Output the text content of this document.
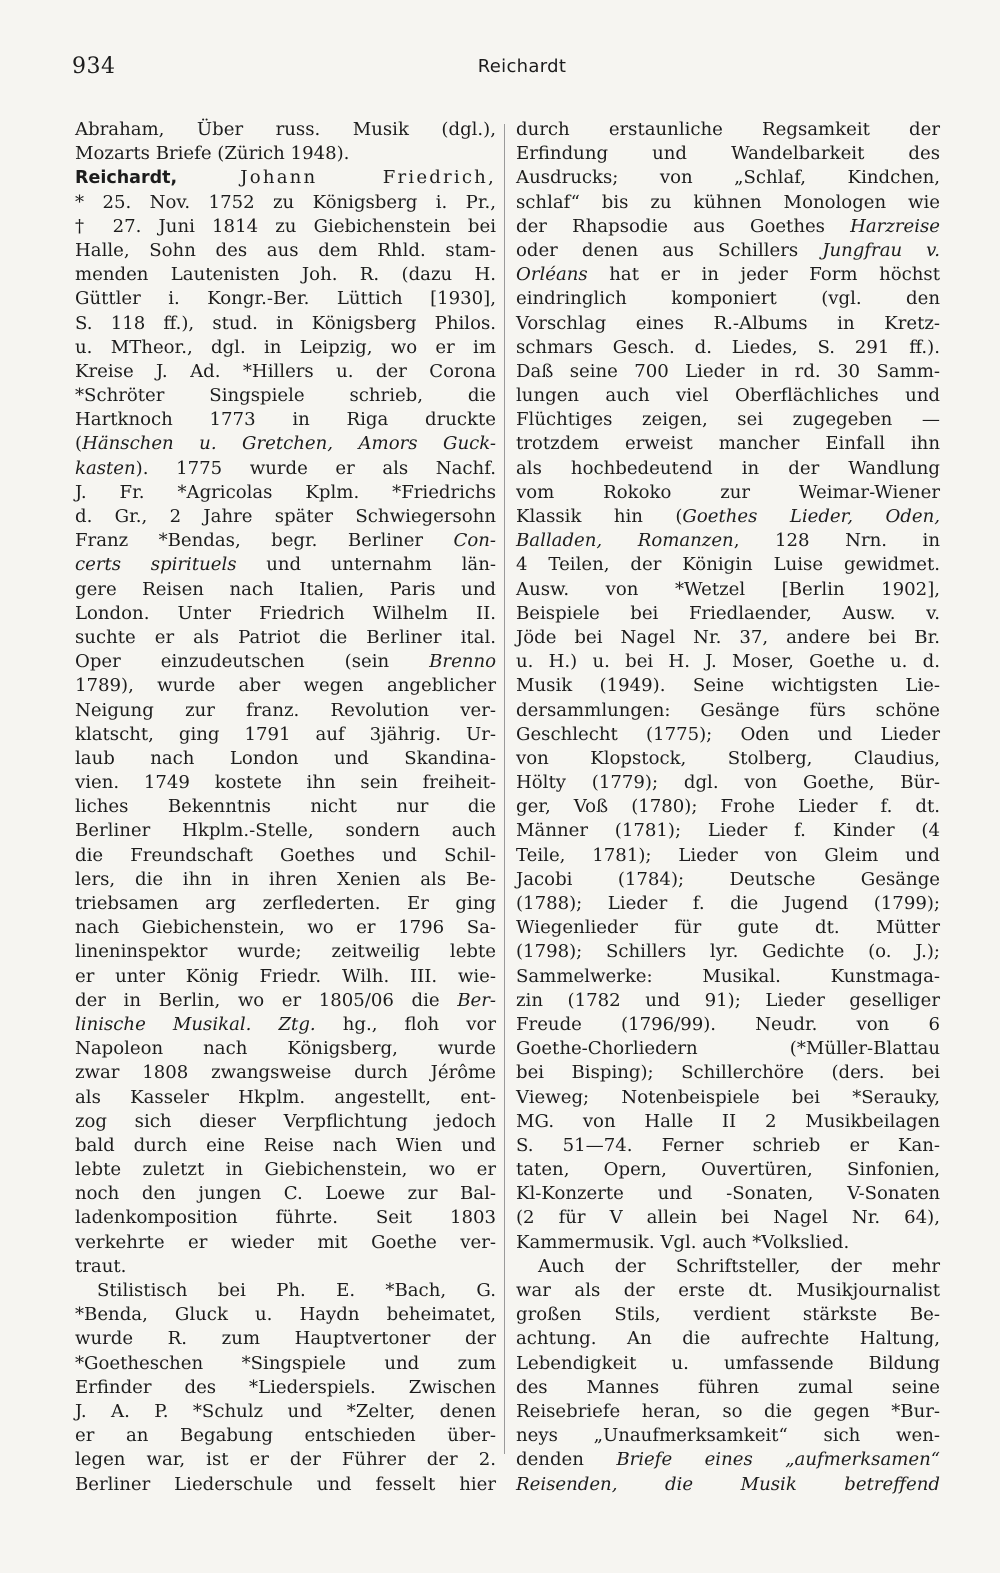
934	Reichardt
Abraham, Über russ. Musik (dgl.),
Mozarts Briefe (Zürich 1948).
Reichardt,	Johann Friedrich,
* 25. Nov. 1752 zu Königsberg i. Pr.,
† 27. Juni 1814 zu Giebichenstein bei
Halle, Sohn des aus dem Rhld. stam-
menden Lautenisten Joh. R. (dazu H.
Güttler i. Kongr.-Ber. Lüttich [1930],
S. 118 ff.), stud. in Königsberg Philos.
u. MTheor., dgl. in Leipzig, wo er im
Kreise J. Ad. *Hillers u. der Corona
*Schröter Singspiele schrieb, die
Hartknoch 1773 in Riga druckte
(Hänschen u. Gretchen, Amors Guck-
kasten). 1775 wurde er als Nachf.
J. Fr. *Agricolas Kplm. *Friedrichs
d. Gr., 2 Jahre später Schwiegersohn
Franz *Bendas, begr. Berliner Con-
certs spirituels und unternahm län-
gere Reisen nach Italien, Paris und
London. Unter Friedrich Wilhelm II.
suchte er als Patriot die Berliner ital.
Oper einzudeutschen (sein Brenno
1789), wurde aber wegen angeblicher
Neigung zur franz. Revolution ver-
klatscht, ging 1791 auf 3jährig. Ur-
laub nach London und Skandina-
vien. 1749 kostete ihn sein freiheit-
liches Bekenntnis nicht nur die
Berliner Hkplm.-Stelle, sondern auch
die Freundschaft Goethes und Schil-
lers, die ihn in ihren Xenien als Be-
triebsamen arg zerflederten. Er ging
nach Giebichenstein, wo er 1796 Sa-
lineninspektor wurde; zeitweilig lebte
er unter König Friedr. Wilh. III. wie-
der in Berlin, wo er 1805/06 die Ber-
linische Musikal. Ztg. hg., floh vor
Napoleon nach Königsberg, wurde
zwar 1808 zwangsweise durch Jérôme
als Kasseler Hkplm. angestellt, ent-
zog sich dieser Verpflichtung jedoch
bald durch eine Reise nach Wien und
lebte zuletzt in Giebichenstein, wo er
noch den jungen C. Loewe zur Bal-
ladenkomposition führte. Seit 1803
verkehrte er wieder mit Goethe ver-
traut.
Stilistisch bei Ph. E. *Bach, G.
*Benda, Gluck u. Haydn beheimatet,
wurde R. zum Hauptvertoner der
*Goetheschen *Singspiele und zum
Erfinder des *Liederspiels. Zwischen
J. A. P. *Schulz und *Zelter, denen
er an Begabung entschieden über-
legen war, ist er der Führer der 2.
Berliner Liederschule und fesselt hier
durch erstaunliche Regsamkeit der
Erfindung und Wandelbarkeit des
Ausdrucks; von „Schlaf, Kindchen,
schlaf“ bis zu kühnen Monologen wie
der Rhapsodie aus Goethes Harzreise
oder denen aus Schillers Jungfrau v.
Orléans hat er in jeder Form höchst
eindringlich komponiert (vgl. den
Vorschlag eines R.-Albums in Kretz-
schmars Gesch. d. Liedes, S. 291 ff.).
Daß seine 700 Lieder in rd. 30 Samm-
lungen auch viel Oberflächliches und
Flüchtiges zeigen, sei zugegeben —
trotzdem erweist mancher Einfall ihn
als hochbedeutend in der Wandlung
vom Rokoko zur Weimar-Wiener
Klassik hin (Goethes Lieder, Oden,
Balladen, Romanzen, 128 Nrn. in
4 Teilen, der Königin Luise gewidmet.
Ausw. von *Wetzel [Berlin 1902],
Beispiele bei Friedlaender, Ausw. v.
Jöde bei Nagel Nr. 37, andere bei Br.
u. H.) u. bei H. J. Moser, Goethe u. d.
Musik (1949). Seine wichtigsten Lie-
dersammlungen: Gesänge fürs schöne
Geschlecht (1775); Oden und Lieder
von Klopstock, Stolberg, Claudius,
Hölty (1779); dgl. von Goethe, Bür-
ger, Voß (1780); Frohe Lieder f. dt.
Männer (1781); Lieder f. Kinder (4
Teile, 1781); Lieder von Gleim und
Jacobi (1784); Deutsche Gesänge
(1788); Lieder f. die Jugend (1799);
Wiegenlieder für gute dt. Mütter
(1798); Schillers lyr. Gedichte (o. J.);
Sammelwerke: Musikal. Kunstmaga-
zin (1782 und 91); Lieder geselliger
Freude (1796/99). Neudr. von 6
Goethe-Chorliedern (*Müller-Blattau
bei Bisping); Schillerchöre (ders. bei
Vieweg; Notenbeispiele bei *Serauky,
MG. von Halle II 2 Musikbeilagen
S. 51—74. Ferner schrieb er Kan-
taten, Opern, Ouvertüren, Sinfonien,
Kl-Konzerte und -Sonaten, V-Sonaten
(2 für V allein bei Nagel Nr. 64),
Kammermusik. Vgl. auch *Volkslied.
Auch der Schriftsteller, der mehr
war als der erste dt. Musikjournalist
großen Stils, verdient stärkste Be-
achtung. An die aufrechte Haltung,
Lebendigkeit u. umfassende Bildung
des Mannes führen zumal seine
Reisebriefe heran, so die gegen *Bur-
neys „Unaufmerksamkeit“ sich wen-
denden Briefe eines „aufmerksamen“
Reisenden, die Musik betreffend
